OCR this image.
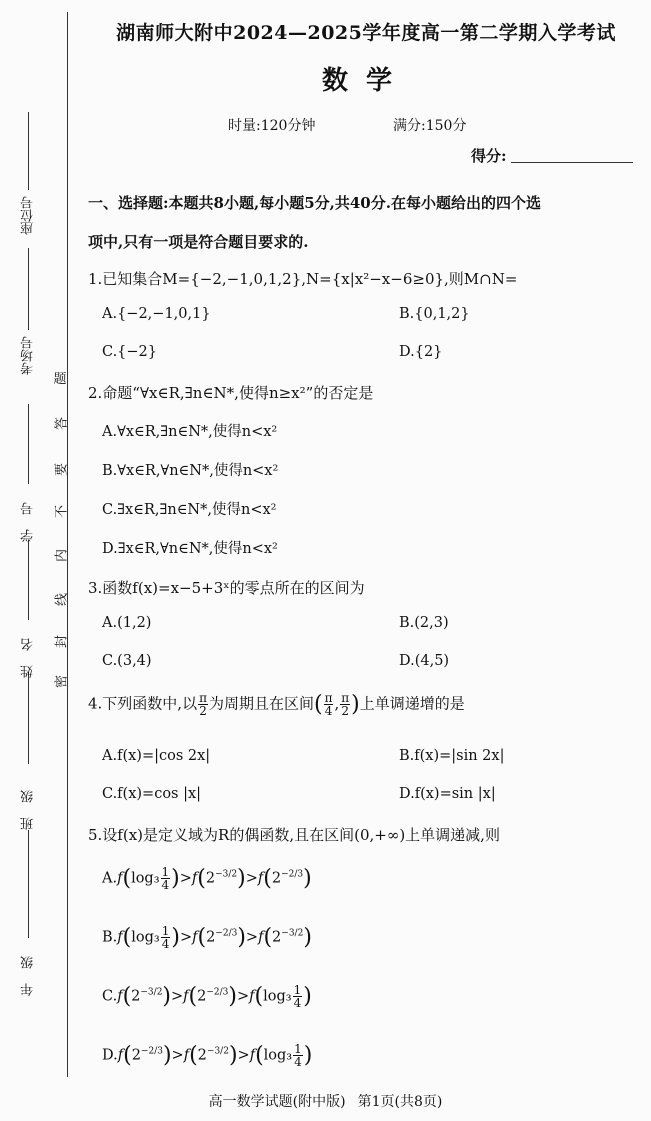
座位号
考场号
学号
姓名
班级
年级
题
答
要
不
内
线
封
密
湖南师大附中2024—2025学年度高一第二学期入学考试
数学
时量:120分钟	满分:150分
得分:
一、选择题:本题共8小题,每小题5分,共40分.在每小题给出的四个选
项中,只有一项是符合题目要求的.
1.已知集合M={−2,−1,0,1,2},N={x|x²−x−6≥0},则M∩N=
A.{−2,−1,0,1}	B.{0,1,2}
C.{−2}	D.{2}
2.命题“∀x∈R,∃n∈N*,使得n≥x²”的否定是
A.∀x∈R,∃n∈N*,使得n<x²
B.∀x∈R,∀n∈N*,使得n<x²
C.∃x∈R,∃n∈N*,使得n<x²
D.∃x∈R,∀n∈N*,使得n<x²
3.函数f(x)=x−5+3ˣ的零点所在的区间为
A.(1,2)	B.(2,3)
C.(3,4)	D.(4,5)
4.下列函数中,以 $\frac{\pi}{2}$ 为周期且在区间( $\frac{\pi}{4}$ , $\frac{\pi}{2}$ )上单调递增的是
A.f(x)=|cos 2x|	B.f(x)=|sin 2x|
C.f(x)=cos |x|	D.f(x)=sin |x|
5.设f(x)是定义域为R的偶函数,且在区间(0,+∞)上单调递减,则
$A.f(\log_3 \frac{1}{4} )>f(2^{-3/2})>f(2^{-2/3})$
$B.f(\log_3 \frac{1}{4} )>f(2^{-2/3})>f(2^{-3/2})$
$C.f(2^{-3/2})>f(2^{-2/3})>f(\log_3 \frac{1}{4}$ )
$D.f(2^{-2/3})>f(2^{-3/2})>f(\log_3 \frac{1}{4}$ )
高一数学试题(附中版) 第1页(共8页)
